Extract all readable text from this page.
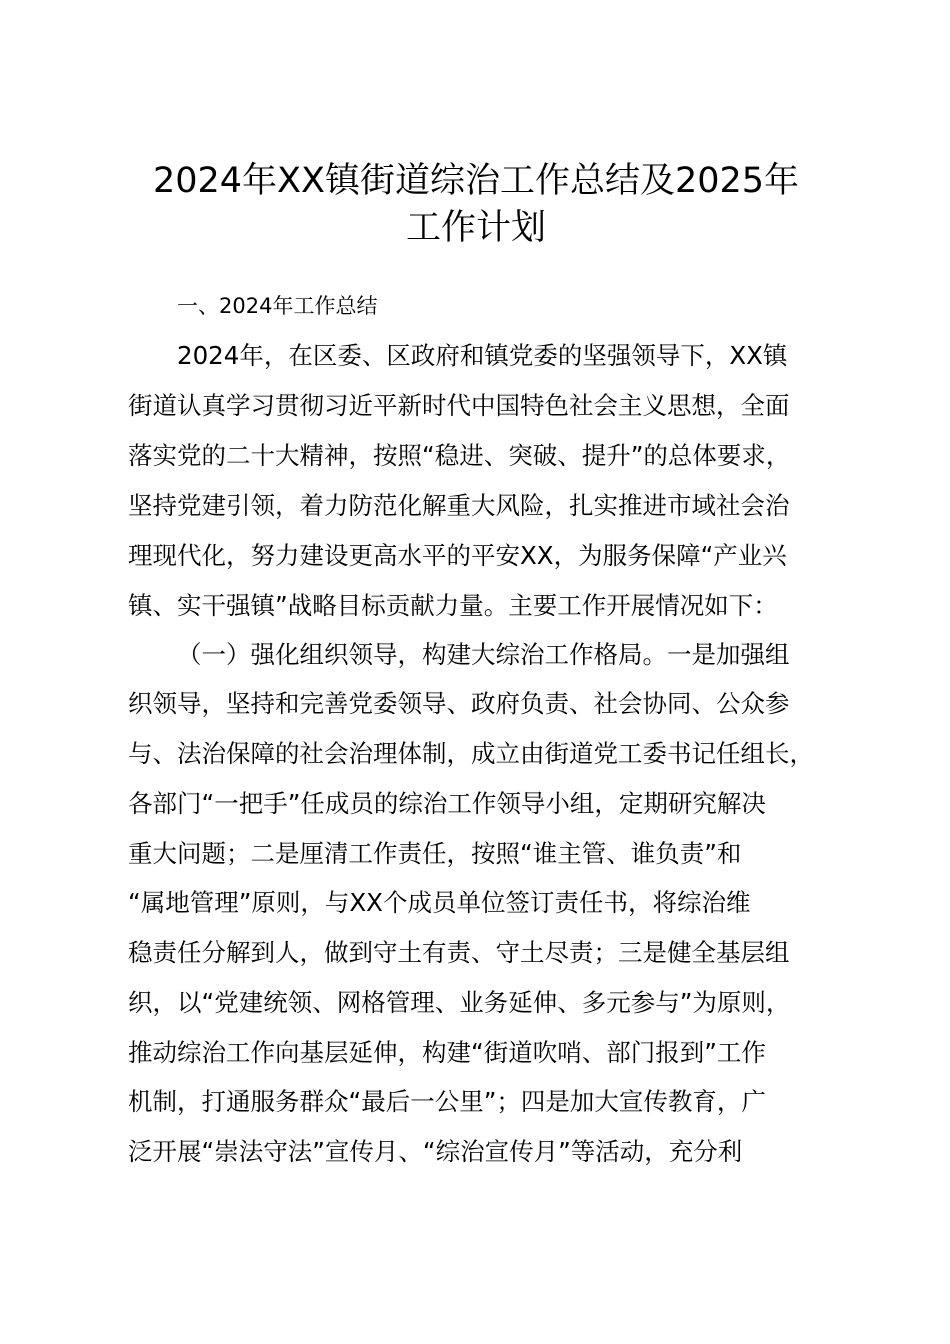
2024年XX镇街道综治工作总结及2025年
工作计划

一、2024年工作总结

2024年，在区委、区政府和镇党委的坚强领导下，XX镇

街道认真学习贯彻习近平新时代中国特色社会主义思想，全面

落实党的二十大精神，按照“稳进、突破、提升”的总体要求，

坚持党建引领，着力防范化解重大风险，扎实推进市域社会治

理现代化，努力建设更高水平的平安XX，为服务保障“产业兴

镇、实干强镇”战略目标贡献力量。主要工作开展情况如下：

（一）强化组织领导，构建大综治工作格局。一是加强组

织领导，坚持和完善党委领导、政府负责、社会协同、公众参

与、法治保障的社会治理体制，成立由街道党工委书记任组长，

各部门“一把手”任成员的综治工作领导小组，定期研究解决

重大问题；二是厘清工作责任，按照“谁主管、谁负责”和

“属地管理”原则，与XX个成员单位签订责任书，将综治维

稳责任分解到人，做到守土有责、守土尽责；三是健全基层组

织，以“党建统领、网格管理、业务延伸、多元参与”为原则，

推动综治工作向基层延伸，构建“街道吹哨、部门报到”工作

机制，打通服务群众“最后一公里”；四是加大宣传教育，广

泛开展“崇法守法”宣传月、“综治宣传月”等活动，充分利
